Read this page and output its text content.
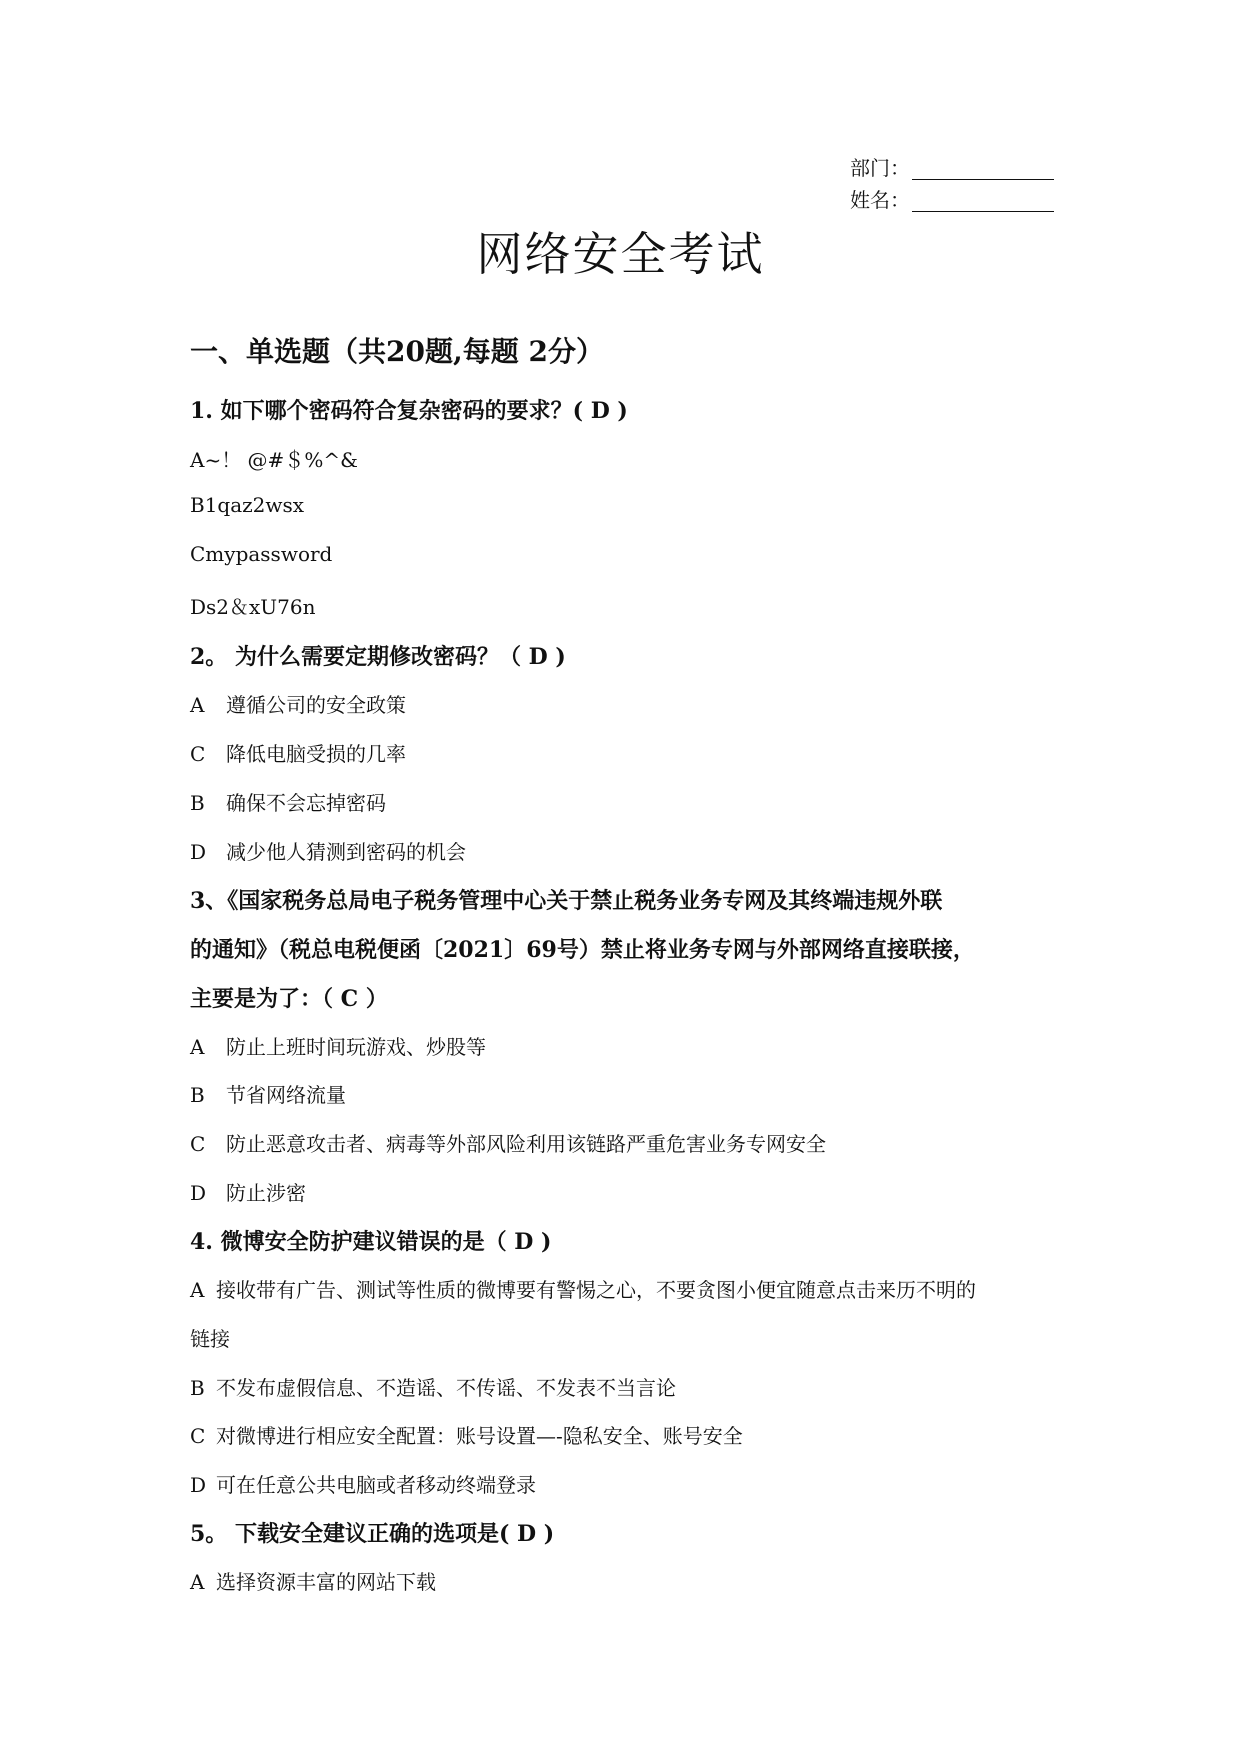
部门：
姓名：
网络安全考试
一、单选题（共20题,每题 2分）
1. 如下哪个密码符合复杂密码的要求？( D )
A~！ @#＄%^&
B1qaz2wsx
Cmypassword
Ds2＆xU76n
2。 为什么需要定期修改密码？（ D )
A 遵循公司的安全政策
C 降低电脑受损的几率
B 确保不会忘掉密码
D 减少他人猜测到密码的机会
3、《国家税务总局电子税务管理中心关于禁止税务业务专网及其终端违规外联
的通知》（税总电税便函〔2021〕69号）禁止将业务专网与外部网络直接联接，
主要是为了：（ C ）
A 防止上班时间玩游戏、炒股等
B 节省网络流量
C 防止恶意攻击者、病毒等外部风险利用该链路严重危害业务专网安全
D 防止涉密
4. 微博安全防护建议错误的是（ D )
A 接收带有广告、测试等性质的微博要有警惕之心，不要贪图小便宜随意点击来历不明的
链接
B 不发布虚假信息、不造谣、不传谣、不发表不当言论
C 对微博进行相应安全配置：账号设置—-隐私安全、账号安全
D 可在任意公共电脑或者移动终端登录
5。 下载安全建议正确的选项是( D )
A 选择资源丰富的网站下载
